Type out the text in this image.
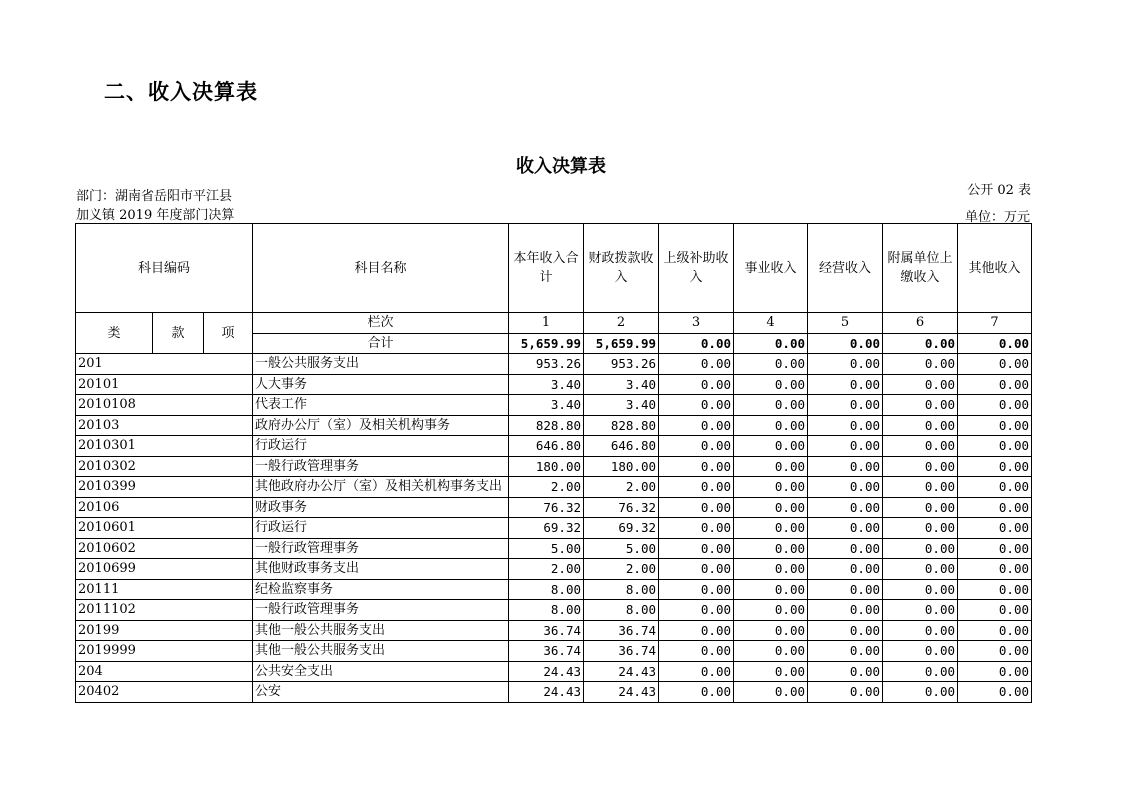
二、收入决算表
收入决算表
公开 02 表
部门：湖南省岳阳市平江县
加义镇 2019 年度部门决算	单位：万元
科目编码			科目名称	本年收入合计	财政拨款收入	上级补助收入	事业收入	经营收入	附属单位上缴收入	其他收入
类	款	项	栏次	1	2	3	4	5	6	7
			合计	5,659.99	5,659.99	0.00	0.00	0.00	0.00	0.00
201			一般公共服务支出	953.26	953.26	0.00	0.00	0.00	0.00	0.00
20101			人大事务	3.40	3.40	0.00	0.00	0.00	0.00	0.00
2010108			代表工作	3.40	3.40	0.00	0.00	0.00	0.00	0.00
20103			政府办公厅（室）及相关机构事务	828.80	828.80	0.00	0.00	0.00	0.00	0.00
2010301			行政运行	646.80	646.80	0.00	0.00	0.00	0.00	0.00
2010302			一般行政管理事务	180.00	180.00	0.00	0.00	0.00	0.00	0.00
2010399			其他政府办公厅（室）及相关机构事务支出	2.00	2.00	0.00	0.00	0.00	0.00	0.00
20106			财政事务	76.32	76.32	0.00	0.00	0.00	0.00	0.00
2010601			行政运行	69.32	69.32	0.00	0.00	0.00	0.00	0.00
2010602			一般行政管理事务	5.00	5.00	0.00	0.00	0.00	0.00	0.00
2010699			其他财政事务支出	2.00	2.00	0.00	0.00	0.00	0.00	0.00
20111			纪检监察事务	8.00	8.00	0.00	0.00	0.00	0.00	0.00
2011102			一般行政管理事务	8.00	8.00	0.00	0.00	0.00	0.00	0.00
20199			其他一般公共服务支出	36.74	36.74	0.00	0.00	0.00	0.00	0.00
2019999			其他一般公共服务支出	36.74	36.74	0.00	0.00	0.00	0.00	0.00
204			公共安全支出	24.43	24.43	0.00	0.00	0.00	0.00	0.00
20402			公安	24.43	24.43	0.00	0.00	0.00	0.00	0.00
